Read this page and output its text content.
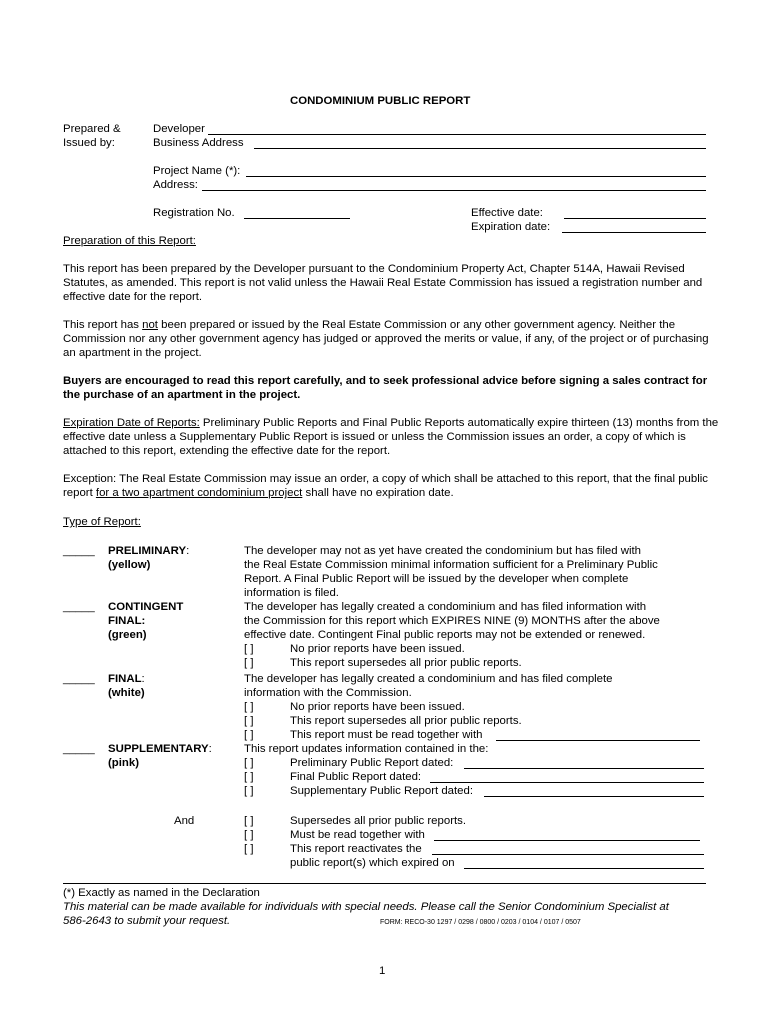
CONDOMINIUM PUBLIC REPORT
Prepared &
Issued by:
Developer
Business Address
Project Name (*):
Address:
Registration No.	Effective date:
Expiration date:
Preparation of this Report:
This report has been prepared by the Developer pursuant to the Condominium Property Act, Chapter 514A, Hawaii Revised Statutes, as amended. This report is not valid unless the Hawaii Real Estate Commission has issued a registration number and effective date for the report.
This report has not been prepared or issued by the Real Estate Commission or any other government agency. Neither the Commission nor any other government agency has judged or approved the merits or value, if any, of the project or of purchasing an apartment in the project.
Buyers are encouraged to read this report carefully, and to seek professional advice before signing a sales contract for the purchase of an apartment in the project.
Expiration Date of Reports: Preliminary Public Reports and Final Public Reports automatically expire thirteen (13) months from the effective date unless a Supplementary Public Report is issued or unless the Commission issues an order, a copy of which is attached to this report, extending the effective date for the report.
Exception: The Real Estate Commission may issue an order, a copy of which shall be attached to this report, that the final public report for a two apartment condominium project shall have no expiration date.
Type of Report:
_____ PRELIMINARY:
(yellow)
The developer may not as yet have created the condominium but has filed with
the Real Estate Commission minimal information sufficient for a Preliminary Public
Report. A Final Public Report will be issued by the developer when complete
information is filed.
_____ CONTINGENT
FINAL:
(green)
The developer has legally created a condominium and has filed information with
the Commission for this report which EXPIRES NINE (9) MONTHS after the above
effective date. Contingent Final public reports may not be extended or renewed.
[ ]	No prior reports have been issued.
[ ]	This report supersedes all prior public reports.
_____ FINAL:
(white)
The developer has legally created a condominium and has filed complete
information with the Commission.
[ ]	No prior reports have been issued.
[ ]	This report supersedes all prior public reports.
[ ]	This report must be read together with
_____ SUPPLEMENTARY:
(pink)
This report updates information contained in the:
[ ]	Preliminary Public Report dated:
[ ]	Final Public Report dated:
[ ]	Supplementary Public Report dated:
And	[ ]	Supersedes all prior public reports.
[ ]	Must be read together with
[ ]	This report reactivates the
public report(s) which expired on
(*) Exactly as named in the Declaration
This material can be made available for individuals with special needs. Please call the Senior Condominium Specialist at
586-2643 to submit your request.	FORM: RECO-30 1297 / 0298 / 0800 / 0203 / 0104 / 0107 / 0507
1
